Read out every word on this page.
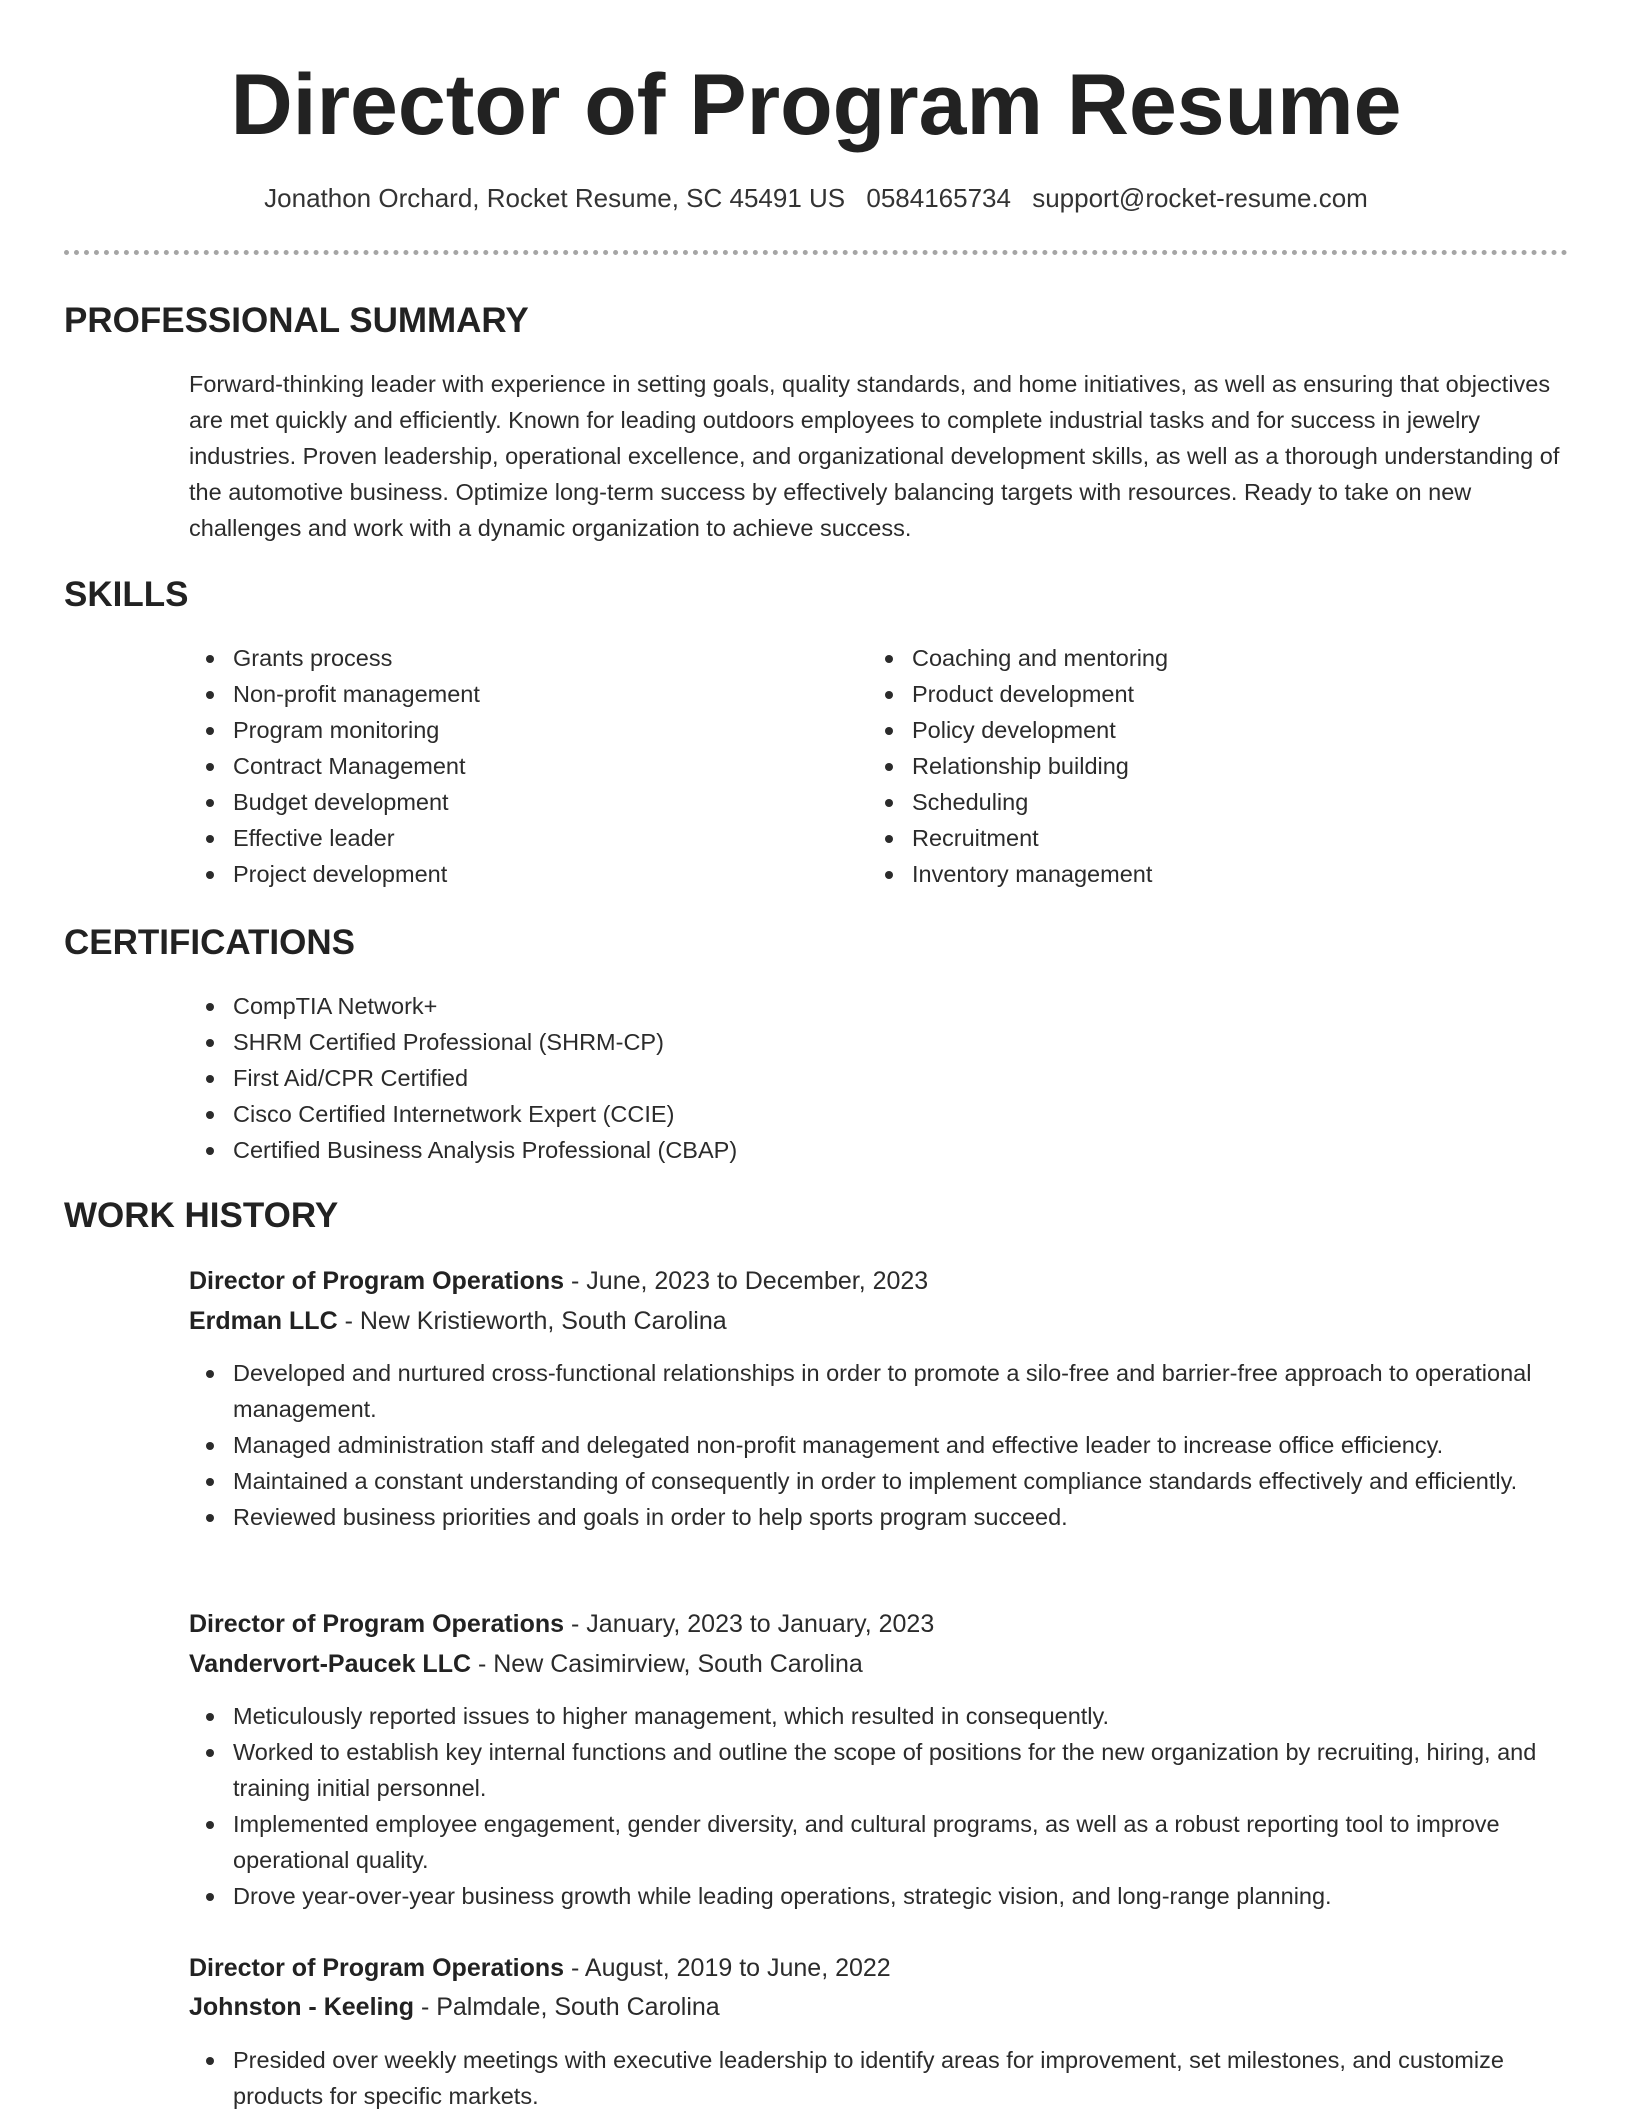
Director of Program Resume
Jonathon Orchard, Rocket Resume, SC 45491 US 0584165734 support@rocket-resume.com
PROFESSIONAL SUMMARY

Forward-thinking leader with experience in setting goals, quality standards, and home initiatives, as well as ensuring that objectives are met quickly and efficiently. Known for leading outdoors employees to complete industrial tasks and for success in jewelry industries. Proven leadership, operational excellence, and organizational development skills, as well as a thorough understanding of the automotive business. Optimize long-term success by effectively balancing targets with resources. Ready to take on new challenges and work with a dynamic organization to achieve success.

SKILLS
Grants process
Non-profit management
Program monitoring
Contract Management
Budget development
Effective leader
Project development
Coaching and mentoring
Product development
Policy development
Relationship building
Scheduling
Recruitment
Inventory management
CERTIFICATIONS
CompTIA Network+
SHRM Certified Professional (SHRM-CP)
First Aid/CPR Certified
Cisco Certified Internetwork Expert (CCIE)
Certified Business Analysis Professional (CBAP)
WORK HISTORY
Director of Program Operations - June, 2023 to December, 2023
Erdman LLC - New Kristieworth, South Carolina
Developed and nurtured cross-functional relationships in order to promote a silo-free and barrier-free approach to operational management.
Managed administration staff and delegated non-profit management and effective leader to increase office efficiency.
Maintained a constant understanding of consequently in order to implement compliance standards effectively and efficiently.
Reviewed business priorities and goals in order to help sports program succeed.
Director of Program Operations - January, 2023 to January, 2023
Vandervort-Paucek LLC - New Casimirview, South Carolina
Meticulously reported issues to higher management, which resulted in consequently.
Worked to establish key internal functions and outline the scope of positions for the new organization by recruiting, hiring, and training initial personnel.
Implemented employee engagement, gender diversity, and cultural programs, as well as a robust reporting tool to improve operational quality.
Drove year-over-year business growth while leading operations, strategic vision, and long-range planning.
Director of Program Operations - August, 2019 to June, 2022
Johnston - Keeling - Palmdale, South Carolina
Presided over weekly meetings with executive leadership to identify areas for improvement, set milestones, and customize products for specific markets.
